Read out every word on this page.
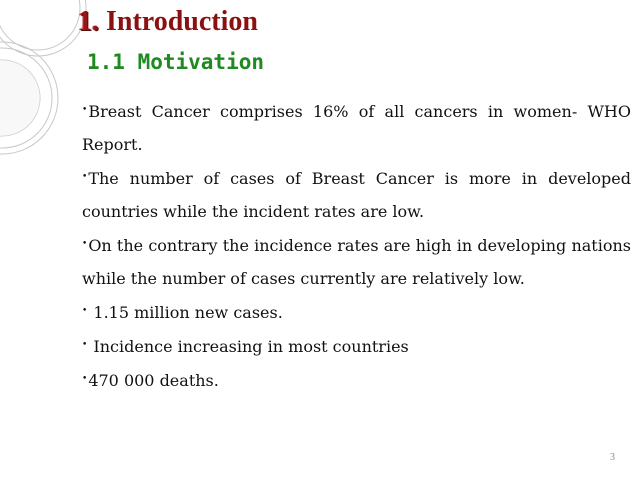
1. Introduction
1.1 Motivation
•Breast Cancer comprises 16% of all cancers in women- WHO Report.
•The number of cases of Breast Cancer is more in developed countries while the incident rates are low.
•On the contrary the incidence rates are high in developing nations while the number of cases currently are relatively low.
• 1.15 million new cases.
• Incidence increasing in most countries
•470 000 deaths.
3
